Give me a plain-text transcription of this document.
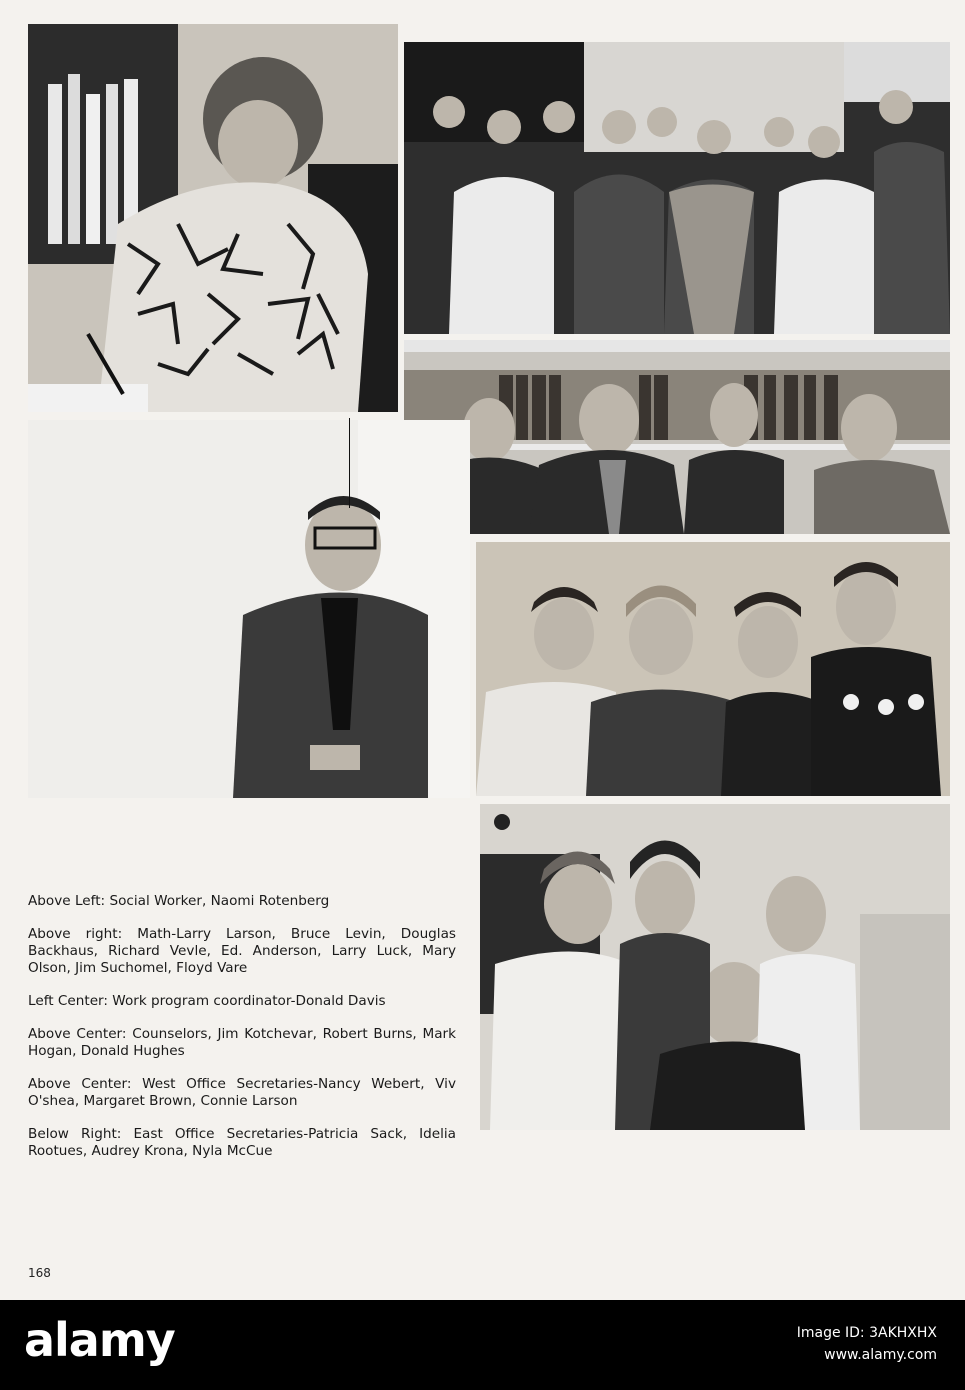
Above Left: Social Worker, Naomi Rotenberg

Above right: Math-Larry Larson, Bruce Levin, Douglas Backhaus, Richard Vevle, Ed. Anderson, Larry Luck, Mary Olson, Jim Suchomel, Floyd Vare

Left Center: Work program coordinator-Donald Davis

Above Center: Counselors, Jim Kotchevar, Robert Burns, Mark Hogan, Donald Hughes

Above Center: West Office Secretaries-Nancy Webert, Viv O'shea, Margaret Brown, Connie Larson

Below Right: East Office Secretaries-Patricia Sack, Idelia Rootues, Audrey Krona, Nyla McCue

168
alamy	Image ID: 3AKHXHX
www.alamy.com
